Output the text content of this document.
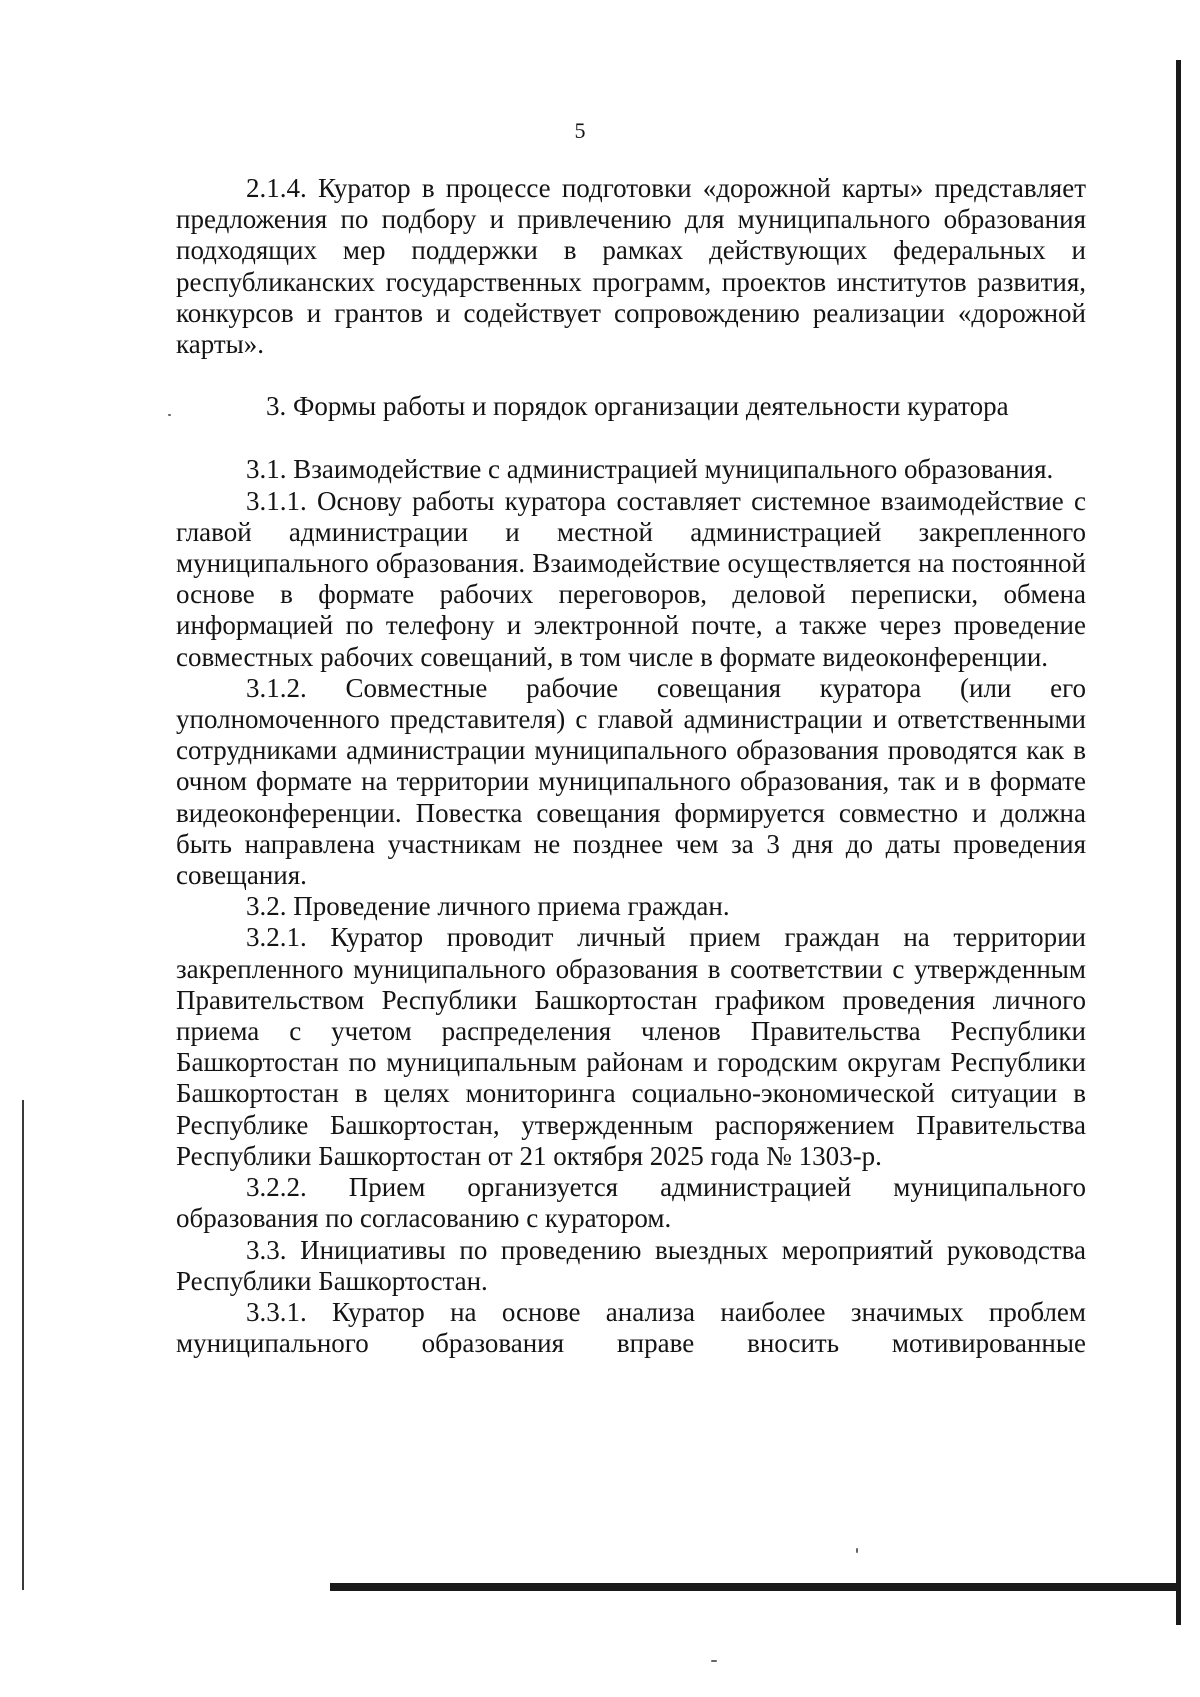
5

2.1.4. Куратор в процессе подготовки «дорожной карты» представляет предложения по подбору и привлечению для муниципального образования подходящих мер поддержки в рамках действующих федеральных и республиканских государственных программ, проектов институтов развития, конкурсов и грантов и содействует сопровождению реализации «дорожной карты».

3. Формы работы и порядок организации деятельности куратора

3.1. Взаимодействие с администрацией муниципального образования.

3.1.1. Основу работы куратора составляет системное взаимодействие с главой администрации и местной администрацией закрепленного муниципального образования. Взаимодействие осуществляется на постоянной основе в формате рабочих переговоров, деловой переписки, обмена информацией по телефону и электронной почте, а также через проведение совместных рабочих совещаний, в том числе в формате видеоконференции.

3.1.2. Совместные рабочие совещания куратора (или его уполномоченного представителя) с главой администрации и ответственными сотрудниками администрации муниципального образования проводятся как в очном формате на территории муниципального образования, так и в формате видеоконференции. Повестка совещания формируется совместно и должна быть направлена участникам не позднее чем за 3 дня до даты проведения совещания.

3.2. Проведение личного приема граждан.

3.2.1. Куратор проводит личный прием граждан на территории закрепленного муниципального образования в соответствии с утвержденным Правительством Республики Башкортостан графиком проведения личного приема с учетом распределения членов Правительства Республики Башкортостан по муниципальным районам и городским округам Республики Башкортостан в целях мониторинга социально-экономической ситуации в Республике Башкортостан, утвержденным распоряжением Правительства Республики Башкортостан от 21 октября 2025 года № 1303-р.

3.2.2. Прием организуется администрацией муниципального образования по согласованию с куратором.

3.3. Инициативы по проведению выездных мероприятий руководства Республики Башкортостан.

3.3.1. Куратор на основе анализа наиболее значимых проблем муниципального образования вправе вносить мотивированные
